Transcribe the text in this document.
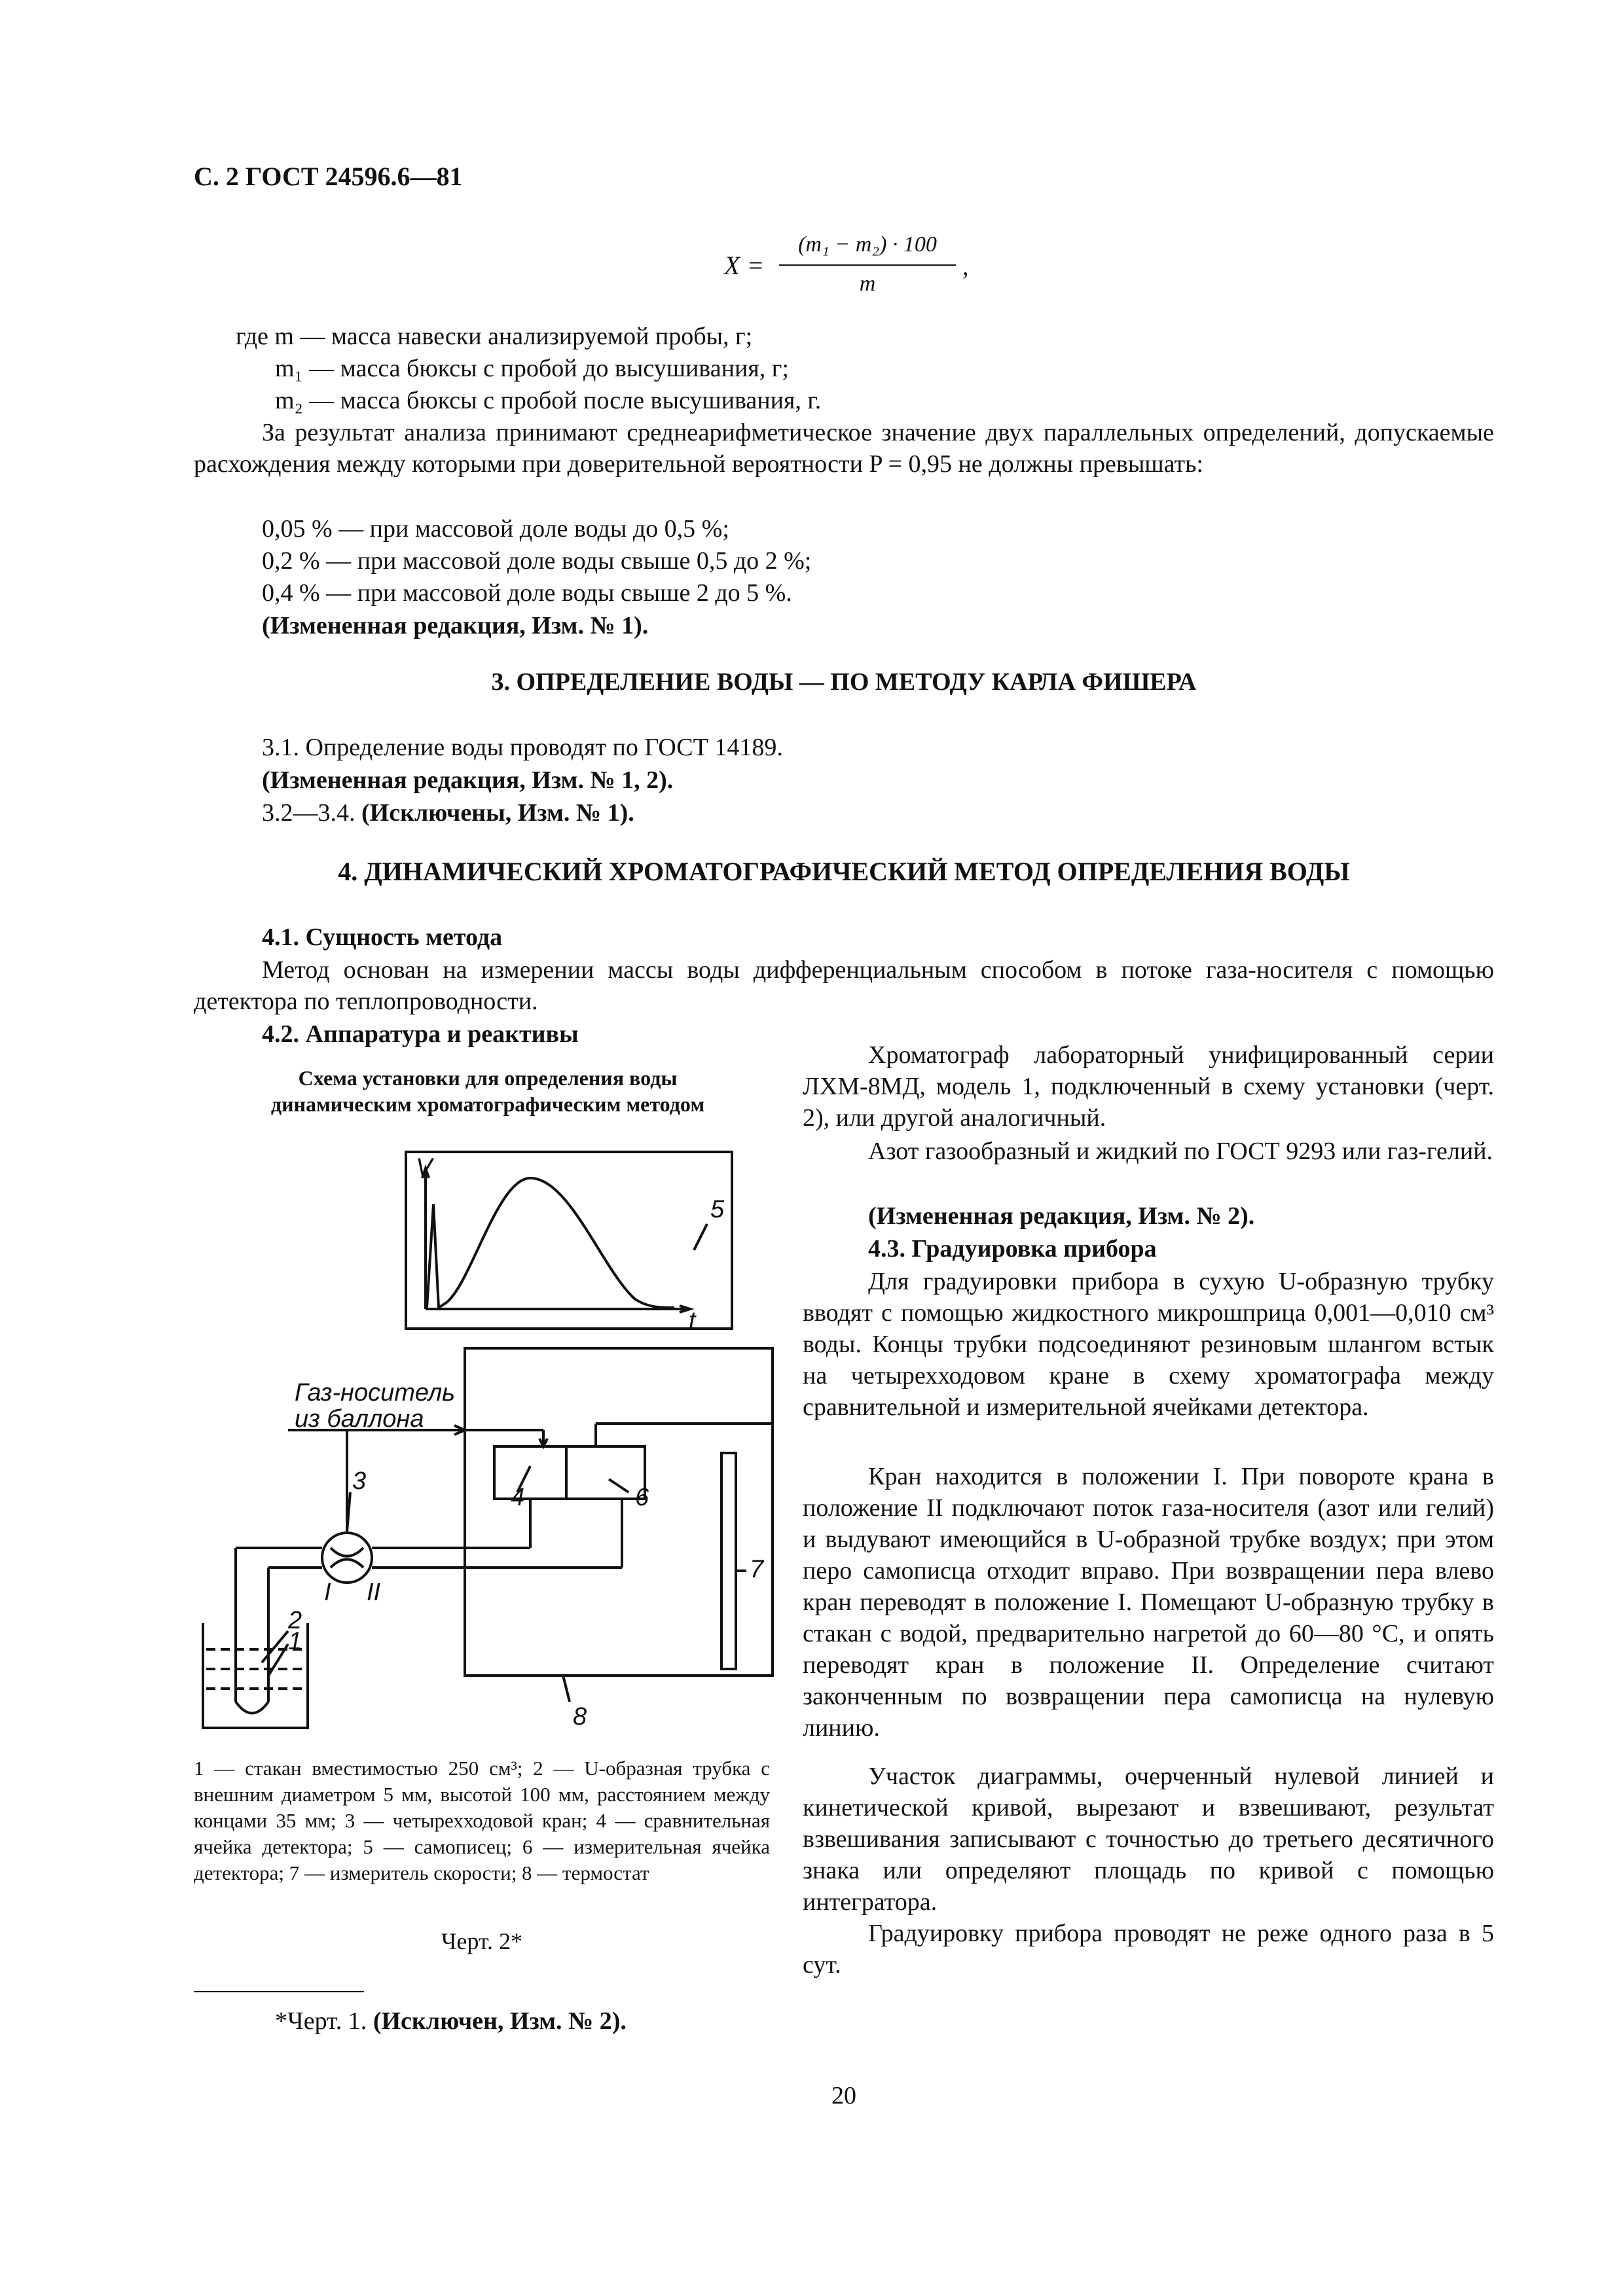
С. 2 ГОСТ 24596.6—81
X =
(m₁ − m₂) · 100
m
,
где m — масса навески анализируемой пробы, г;
m₁ — масса бюксы с пробой до высушивания, г;
m₂ — масса бюксы с пробой после высушивания, г.
За результат анализа принимают среднеарифметическое значение двух параллельных определений, допускаемые расхождения между которыми при доверительной вероятности P = 0,95 не должны превышать:
0,05 % — при массовой доле воды до 0,5 %;
0,2 % — при массовой доле воды свыше 0,5 до 2 %;
0,4 % — при массовой доле воды свыше 2 до 5 %.
(Измененная редакция, Изм. № 1).
3. ОПРЕДЕЛЕНИЕ ВОДЫ — ПО МЕТОДУ КАРЛА ФИШЕРА
3.1. Определение воды проводят по ГОСТ 14189.
(Измененная редакция, Изм. № 1, 2).
3.2—3.4. (Исключены, Изм. № 1).
4. ДИНАМИЧЕСКИЙ ХРОМАТОГРАФИЧЕСКИЙ МЕТОД ОПРЕДЕЛЕНИЯ ВОДЫ
4.1. Сущность метода
Метод основан на измерении массы воды дифференциальным способом в потоке газа-носителя с помощью детектора по теплопроводности.
4.2. Аппаратура и реактивы
Схема установки для определения воды
динамическим хроматографическим методом
V
t
Газ-носитель
из баллона
5
3
4	6
7
8
2
1
I II
1 — стакан вместимостью 250 см³; 2 — U-образная трубка с внешним диаметром 5 мм, высотой 100 мм, расстоянием между концами 35 мм; 3 — четырехходовой кран; 4 — сравнительная ячейка детектора; 5 — самописец; 6 — измерительная ячейка детектора; 7 — измеритель скорости; 8 — термостат
Черт. 2*
Хроматограф лабораторный унифицированный серии ЛХМ-8МД, модель 1, подключенный в схему установки (черт. 2), или другой аналогичный.
Азот газообразный и жидкий по ГОСТ 9293 или газ-гелий.
(Измененная редакция, Изм. № 2).
4.3. Градуировка прибора
Для градуировки прибора в сухую U-образную трубку вводят с помощью жидкостного микрошприца 0,001—0,010 см³ воды. Концы трубки подсоединяют резиновым шлангом встык на четырехходовом кране в схему хроматографа между сравнительной и измерительной ячейками детектора.
Кран находится в положении I. При повороте крана в положение II подключают поток газа-носителя (азот или гелий) и выдувают имеющийся в U-образной трубке воздух; при этом перо самописца отходит вправо. При возвращении пера влево кран переводят в положение I. Помещают U-образную трубку в стакан с водой, предварительно нагретой до 60—80 °С, и опять переводят кран в положение II. Определение считают законченным по возвращении пера самописца на нулевую линию.
Участок диаграммы, очерченный нулевой линией и кинетической кривой, вырезают и взвешивают, результат взвешивания записывают с точностью до третьего десятичного знака или определяют площадь по кривой с помощью интегратора.
Градуировку прибора проводят не реже одного раза в 5 сут.
*Черт. 1. (Исключен, Изм. № 2).
20
